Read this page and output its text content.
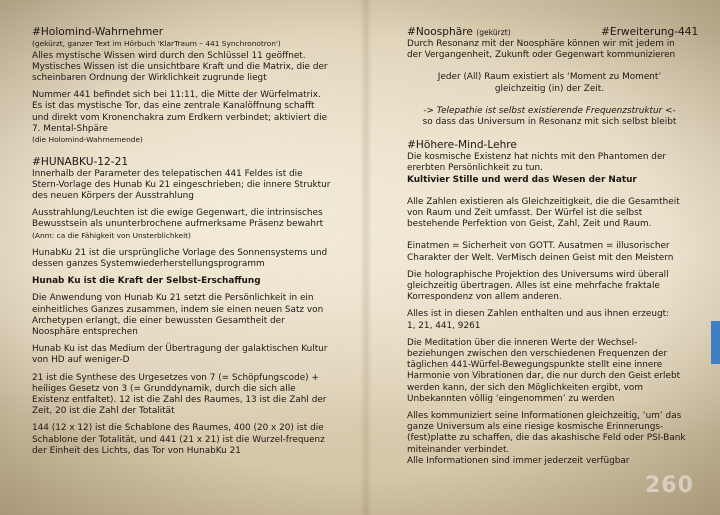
#Holomind-Wahrnehmer

(gekürzt, ganzer Text im Hörbuch 'KlarTraum – 441 Synchronotron')

Alles mystische Wissen wird durch den Schlüssel 11 geöffnet. Mystisches Wissen ist die unsichtbare Kraft und die Matrix, die der scheinbaren Ordnung der Wirklichkeit zugrunde liegt

Nummer 441 befindet sich bei 11:11, die Mitte der Würfelmatrix. Es ist das mystische Tor, das eine zentrale Kanalöffnung schafft und direkt vom Kronenchakra zum Erdkern verbindet; aktiviert die 7. Mental-Shpäre

(die Holomind-Wahrnemende)

#HUNABKU-12-21

Innerhalb der Parameter des telepatischen 441 Feldes ist die Stern-Vorlage des Hunab Ku 21 eingeschrieben; die innere Struktur des neuen Körpers der Ausstrahlung

Ausstrahlung/Leuchten ist die ewige Gegenwart, die intrinsisches Bewusstsein als ununterbrochene aufmerksame Präsenz bewahrt (Anm: ca die Fähigkeit von Unsterblichkeit)

HunabKu 21 ist die ursprüngliche Vorlage des Sonnensystems und dessen ganzes Systemwiederherstellungsprogramm

Hunab Ku ist die Kraft der Selbst-Erschaffung

Die Anwendung von Hunab Ku 21 setzt die Persönlichkeit in ein einheitliches Ganzes zusammen, indem sie einen neuen Satz von Archetypen erlangt, die einer bewussten Gesamtheit der Noosphäre entsprechen

Hunab Ku ist das Medium der Übertragung der galaktischen Kultur von HD auf weniger-D

21 ist die Synthese des Urgesetzes von 7 (= Schöpfungscode) + heiliges Gesetz von 3 (= Grunddynamik, durch die sich alle Existenz entfaltet). 12 ist die Zahl des Raumes, 13 ist die Zahl der Zeit, 20 ist die Zahl der Totalität

144 (12 x 12) ist die Schablone des Raumes, 400 (20 x 20) ist die Schablone der Totalität, und 441 (21 x 21) ist die Wurzel-frequenz der Einheit des Lichts, das Tor von HunabKu 21

#Erweiterung-441
#Noosphäre (gekürzt)

Durch Resonanz mit der Noosphäre können wir mit jedem in der Vergangenheit, Zukunft oder Gegenwart kommunizieren

Jeder (All) Raum existiert als ‘Moment zu Moment’ gleichzeitig (in) der Zeit.

-> Telepathie ist selbst existierende Frequenzstruktur <-

so dass das Universum in Resonanz mit sich selbst bleibt

#Höhere-Mind-Lehre

Die kosmische Existenz hat nichts mit den Phantomen der ererbten Persönlichkeit zu tun.

Kultivier Stille und werd das Wesen der Natur

Alle Zahlen existieren als Gleichzeitigkeit, die die Gesamtheit von Raum und Zeit umfasst. Der Würfel ist die selbst bestehende Perfektion von Geist, Zahl, Zeit und Raum.

Einatmen = Sicherheit von GOTT. Ausatmen = illusorischer Charakter der Welt. VerMisch deinen Geist mit den Meistern

Die holographische Projektion des Universums wird überall gleichzeitig übertragen. Alles ist eine mehrfache fraktale Korrespondenz von allem anderen.

Alles ist in diesen Zahlen enthalten und aus ihnen erzeugt:

1, 21, 441, 9261

Die Meditation über die inneren Werte der Wechsel-beziehungen zwischen den verschiedenen Frequenzen der täglichen 441-Würfel-Bewegungspunkte stellt eine innere Harmonie von Vibrationen dar, die nur durch den Geist erlebt werden kann, der sich den Möglichkeiten ergibt, vom Unbekannten völlig ‘eingenommen’ zu werden

Alles kommuniziert seine Informationen gleichzeitig, ‘um’ das ganze Universum als eine riesige kosmische Erinnerungs-(fest)platte zu schaffen, die das akashische Feld oder PSI-Bank miteinander verbindet.

Alle Informationen sind immer jederzeit verfügbar

260
